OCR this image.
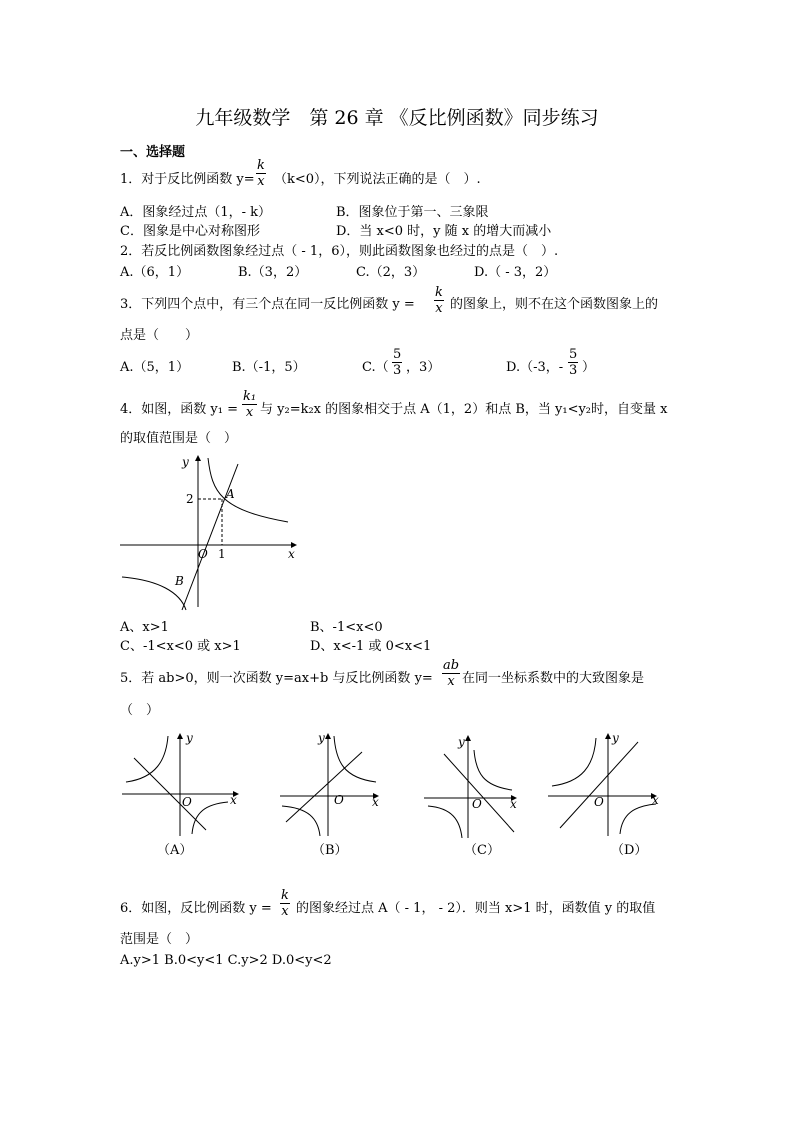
九年级数学　第 26 章 《反比例函数》同步练习
一、选择题
1．对于反比例函数 $y= \frac{k}{x} (k<0)$，下列说法正确的是（　）.
A．图象经过点（1，- k）	B．图象位于第一、三象限
C．图象是中心对称图形	D．当 x<0 时，y 随 x 的增大而减小
2．若反比例函数图象经过点（ - 1，6），则此函数图象也经过的点是（　）.
A.（6，1）	B.（3，2）	C.（2，3）	D.（ - 3，2）
3．下列四个点中，有三个点在同一反比例函数 $y = \frac{k}{x}$ 的图象上，则不在这个函数图象上的
点是（　　）
A.（5，1）	B.（-1，5）	$C.( \frac{5}{3}$ ，3）	D.（-3，- $\frac{5}{3}$ ）
4．如图，函数 $y_1 = \frac{\text{k₁}}{x}$ 与 y₂=k₂x 的图象相交于点 A（1，2）和点 B，当 y₁<y₂时，自变量 x
的取值范围是（　）
y
x
O
2
1
A
B
A、x>1	B、-1<x<0
C、-1<x<0 或 x>1	D、x<-1 或 0<x<1
5．若 ab>0，则一次函数 y=ax+b 与反比例函数 $y= \frac{ab}{x}$ 在同一坐标系数中的大致图象是
（　）
y
x
O
（A）
y
x
O
（B）
y
x
O
（C）
y
x
O
（D）
6．如图，反比例函数 $y = \frac{k}{x}$ 的图象经过点 A（ - 1， - 2）．则当 x>1 时，函数值 y 的取值
范围是（　）
A.y>1 B.0<y<1 C.y>2 D.0<y<2
